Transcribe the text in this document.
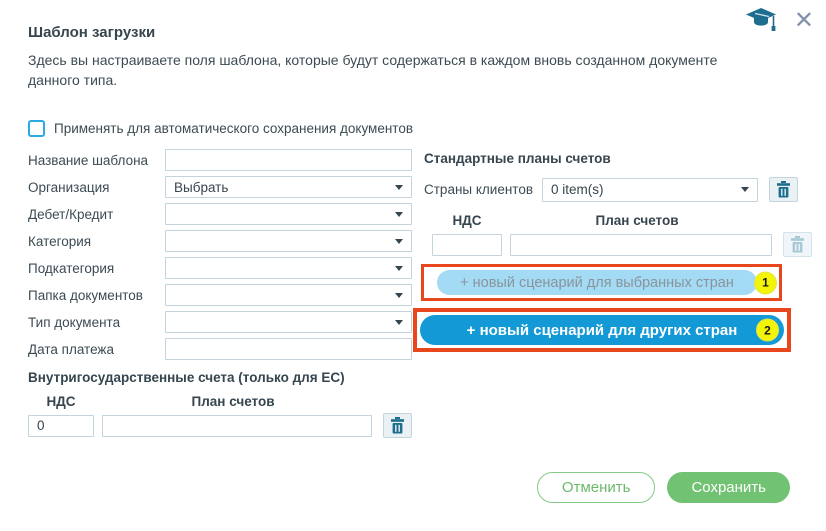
✕
Шаблон загрузки
Здесь вы настраиваете поля шаблона, которые будут содержаться в каждом вновь созданном документе данного типа.
Применять для автоматического сохранения документов
Название шаблона
Организация	Выбрать
Дебет/Кредит
Категория
Подкатегория
Папка документов
Тип документа
Дата платежа
Внутригосударственные счета (только для ЕС)
НДС	План счетов
0
Стандартные планы счетов
Страны клиентов	0 item(s)
НДС	План счетов
+ новый сценарий для выбранных стран	1
+ новый сценарий для других стран	2
Отменить	Сохранить
